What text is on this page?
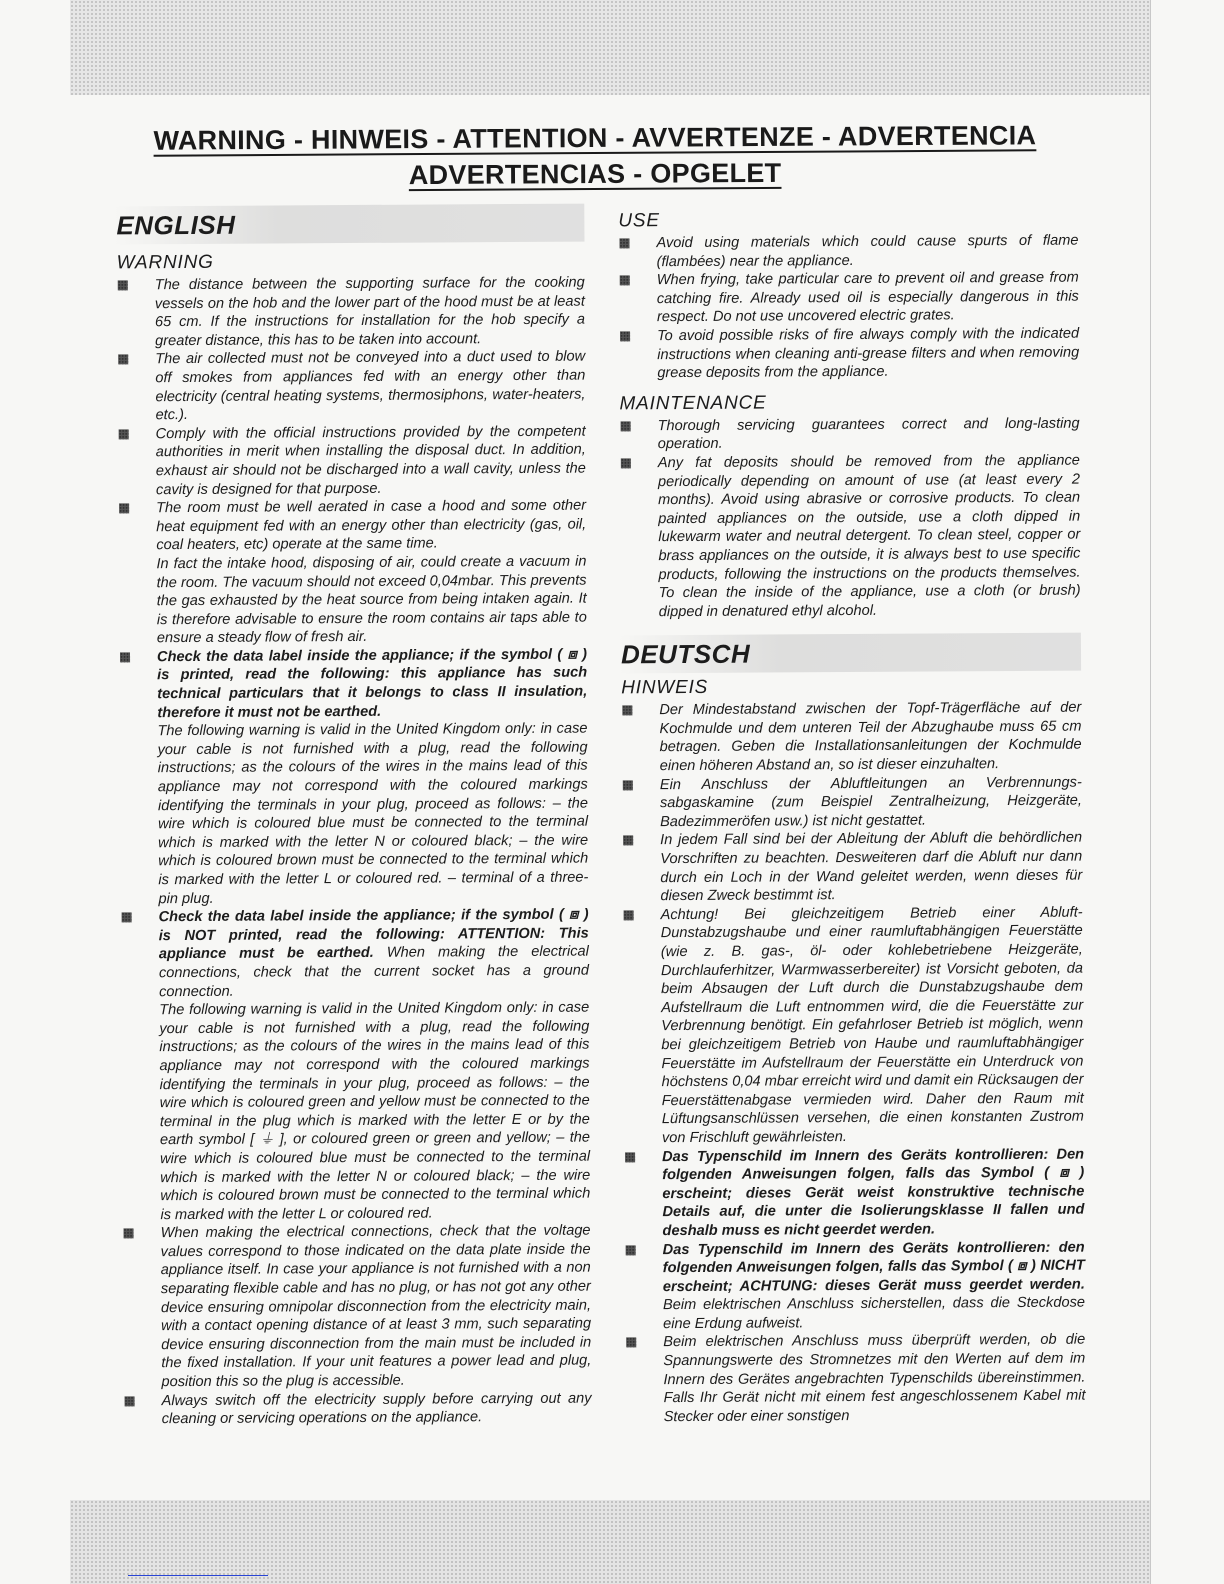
WARNING - HINWEIS - ATTENTION - AVVERTENZE - ADVERTENCIA
ADVERTENCIAS - OPGELET
ENGLISH
WARNING
The distance between the supporting surface for the cooking vessels on the hob and the lower part of the hood must be at least 65 cm. If the instructions for installation for the hob specify a greater distance, this has to be taken into account.
The air collected must not be conveyed into a duct used to blow off smokes from appliances fed with an energy other than electricity (central heating systems, thermosiphons, water-heaters, etc.).
Comply with the official instructions provided by the competent authorities in merit when installing the disposal duct. In addition, exhaust air should not be discharged into a wall cavity, unless the cavity is designed for that purpose.
The room must be well aerated in case a hood and some other heat equipment fed with an energy other than electricity (gas, oil, coal heaters, etc) operate at the same time.
In fact the intake hood, disposing of air, could create a vacuum in the room. The vacuum should not exceed 0,04mbar. This prevents the gas exhausted by the heat source from being intaken again. It is therefore advisable to ensure the room contains air taps able to ensure a steady flow of fresh air.
Check the data label inside the appliance; if the symbol ( ⧈ ) is printed, read the following: this appliance has such technical particulars that it belongs to class II insulation, therefore it must not be earthed.
The following warning is valid in the United Kingdom only: in case your cable is not furnished with a plug, read the following instructions; as the colours of the wires in the mains lead of this appliance may not correspond with the coloured markings identifying the terminals in your plug, proceed as follows: – the wire which is coloured blue must be connected to the terminal which is marked with the letter N or coloured black; – the wire which is coloured brown must be connected to the terminal which is marked with the letter L or coloured red. – terminal of a three-pin plug.
Check the data label inside the appliance; if the symbol ( ⧈ ) is NOT printed, read the following: ATTENTION: This appliance must be earthed. When making the electrical connections, check that the current socket has a ground connection.
The following warning is valid in the United Kingdom only: in case your cable is not furnished with a plug, read the following instructions; as the colours of the wires in the mains lead of this appliance may not correspond with the coloured markings identifying the terminals in your plug, proceed as follows: – the wire which is coloured green and yellow must be connected to the terminal in the plug which is marked with the letter E or by the earth symbol [ ⏚ ], or coloured green or green and yellow; – the wire which is coloured blue must be connected to the terminal which is marked with the letter N or coloured black; – the wire which is coloured brown must be connected to the terminal which is marked with the letter L or coloured red.
When making the electrical connections, check that the voltage values correspond to those indicated on the data plate inside the appliance itself. In case your appliance is not furnished with a non separating flexible cable and has no plug, or has not got any other device ensuring omnipolar disconnection from the electricity main, with a contact opening distance of at least 3 mm, such separating device ensuring disconnection from the main must be included in the fixed installation. If your unit features a power lead and plug, position this so the plug is accessible.
Always switch off the electricity supply before carrying out any cleaning or servicing operations on the appliance.
USE
Avoid using materials which could cause spurts of flame (flambées) near the appliance.
When frying, take particular care to prevent oil and grease from catching fire. Already used oil is especially dangerous in this respect. Do not use uncovered electric grates.
To avoid possible risks of fire always comply with the indicated instructions when cleaning anti-grease filters and when removing grease deposits from the appliance.
MAINTENANCE
Thorough servicing guarantees correct and long-lasting operation.
Any fat deposits should be removed from the appliance periodically depending on amount of use (at least every 2 months). Avoid using abrasive or corrosive products. To clean painted appliances on the outside, use a cloth dipped in lukewarm water and neutral detergent. To clean steel, copper or brass appliances on the outside, it is always best to use specific products, following the instructions on the products themselves. To clean the inside of the appliance, use a cloth (or brush) dipped in denatured ethyl alcohol.
DEUTSCH
HINWEIS
Der Mindestabstand zwischen der Topf-Trägerfläche auf der Kochmulde und dem unteren Teil der Abzughaube muss 65 cm betragen. Geben die Installationsanleitungen der Kochmulde einen höheren Abstand an, so ist dieser einzuhalten.
Ein Anschluss der Abluftleitungen an Verbrennungs-sabgaskamine (zum Beispiel Zentralheizung, Heizgeräte, Badezimmeröfen usw.) ist nicht gestattet.
In jedem Fall sind bei der Ableitung der Abluft die behördlichen Vorschriften zu beachten. Desweiteren darf die Abluft nur dann durch ein Loch in der Wand geleitet werden, wenn dieses für diesen Zweck bestimmt ist.
Achtung! Bei gleichzeitigem Betrieb einer Abluft-Dunstabzugshaube und einer raumluftabhängigen Feuerstätte (wie z. B. gas-, öl- oder kohlebetriebene Heizgeräte, Durchlauferhitzer, Warmwasserbereiter) ist Vorsicht geboten, da beim Absaugen der Luft durch die Dunstabzugshaube dem Aufstellraum die Luft entnommen wird, die die Feuerstätte zur Verbrennung benötigt. Ein gefahrloser Betrieb ist möglich, wenn bei gleichzeitigem Betrieb von Haube und raumluftabhängiger Feuerstätte im Aufstellraum der Feuerstätte ein Unterdruck von höchstens 0,04 mbar erreicht wird und damit ein Rücksaugen der Feuerstättenabgase vermieden wird. Daher den Raum mit Lüftungsanschlüssen versehen, die einen konstanten Zustrom von Frischluft gewährleisten.
Das Typenschild im Innern des Geräts kontrollieren: Den folgenden Anweisungen folgen, falls das Symbol ( ⧈ ) erscheint; dieses Gerät weist konstruktive technische Details auf, die unter die Isolierungsklasse II fallen und deshalb muss es nicht geerdet werden.
Das Typenschild im Innern des Geräts kontrollieren: den folgenden Anweisungen folgen, falls das Symbol ( ⧈ ) NICHT erscheint; ACHTUNG: dieses Gerät muss geerdet werden. Beim elektrischen Anschluss sicherstellen, dass die Steckdose eine Erdung aufweist.
Beim elektrischen Anschluss muss überprüft werden, ob die Spannungswerte des Stromnetzes mit den Werten auf dem im Innern des Gerätes angebrachten Typenschilds übereinstimmen. Falls Ihr Gerät nicht mit einem fest angeschlossenem Kabel mit Stecker oder einer sonstigen
